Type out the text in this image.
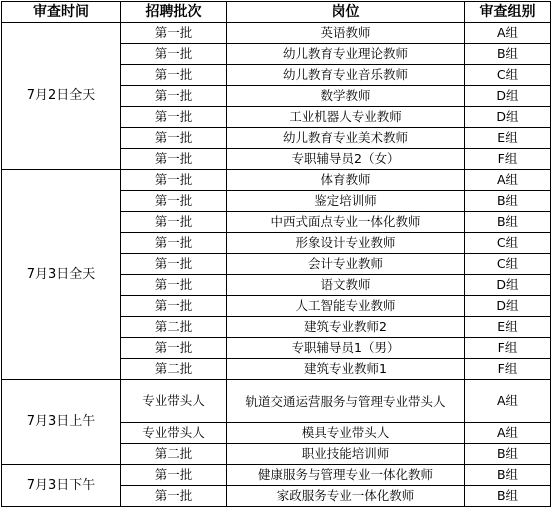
审查时间	招聘批次	岗位	审查组别
7月2日全天	第一批	英语教师	A组
	第一批	幼儿教育专业理论教师	B组
	第一批	幼儿教育专业音乐教师	C组
	第一批	数学教师	D组
	第一批	工业机器人专业教师	D组
	第一批	幼儿教育专业美术教师	E组
	第一批	专职辅导员2（女）	F组
7月3日全天	第一批	体育教师	A组
	第一批	鉴定培训师	B组
	第一批	中西式面点专业一体化教师	B组
	第一批	形象设计专业教师	C组
	第一批	会计专业教师	C组
	第一批	语文教师	D组
	第一批	人工智能专业教师	D组
	第二批	建筑专业教师2	E组
	第一批	专职辅导员1（男）	F组
	第二批	建筑专业教师1	F组
7月3日上午	专业带头人	轨道交通运营服务与管理专业带头人	A组
	专业带头人	模具专业带头人	A组
	第二批	职业技能培训师	B组
7月3日下午	第一批	健康服务与管理专业一体化教师	B组
	第一批	家政服务专业一体化教师	B组
